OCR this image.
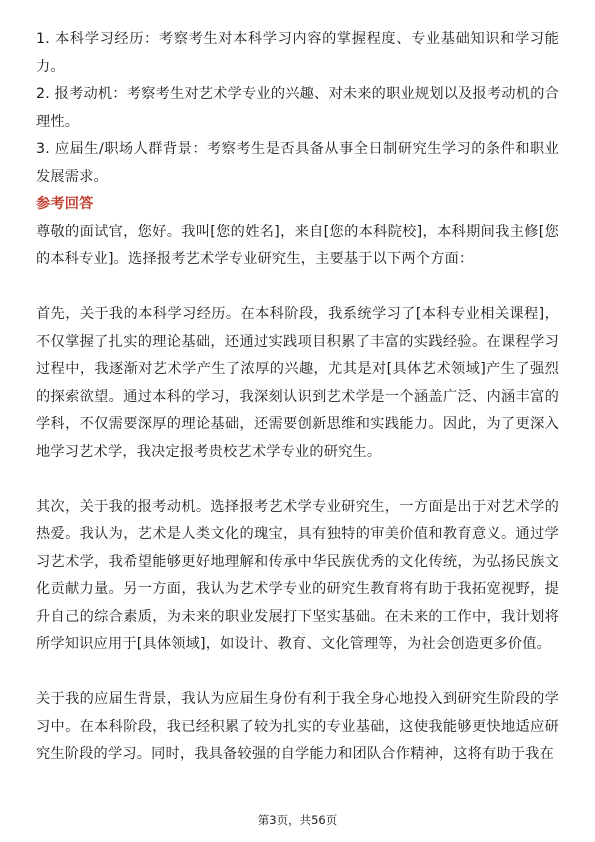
1. 本科学习经历：考察考生对本科学习内容的掌握程度、专业基础知识和学习能力。

2. 报考动机：考察考生对艺术学专业的兴趣、对未来的职业规划以及报考动机的合理性。

3. 应届生/职场人群背景：考察考生是否具备从事全日制研究生学习的条件和职业发展需求。

参考回答

尊敬的面试官，您好。我叫[您的姓名]，来自[您的本科院校]，本科期间我主修[您的本科专业]。选择报考艺术学专业研究生，主要基于以下两个方面：

首先，关于我的本科学习经历。在本科阶段，我系统学习了[本科专业相关课程]，不仅掌握了扎实的理论基础，还通过实践项目积累了丰富的实践经验。在课程学习过程中，我逐渐对艺术学产生了浓厚的兴趣，尤其是对[具体艺术领域]产生了强烈的探索欲望。通过本科的学习，我深刻认识到艺术学是一个涵盖广泛、内涵丰富的学科，不仅需要深厚的理论基础，还需要创新思维和实践能力。因此，为了更深入地学习艺术学，我决定报考贵校艺术学专业的研究生。

其次，关于我的报考动机。选择报考艺术学专业研究生，一方面是出于对艺术学的热爱。我认为，艺术是人类文化的瑰宝，具有独特的审美价值和教育意义。通过学习艺术学，我希望能够更好地理解和传承中华民族优秀的文化传统，为弘扬民族文化贡献力量。另一方面，我认为艺术学专业的研究生教育将有助于我拓宽视野，提升自己的综合素质，为未来的职业发展打下坚实基础。在未来的工作中，我计划将所学知识应用于[具体领域]，如设计、教育、文化管理等，为社会创造更多价值。

关于我的应届生背景，我认为应届生身份有利于我全身心地投入到研究生阶段的学习中。在本科阶段，我已经积累了较为扎实的专业基础，这使我能够更快地适应研究生阶段的学习。同时，我具备较强的自学能力和团队合作精神，这将有助于我在

第3页，共56页
